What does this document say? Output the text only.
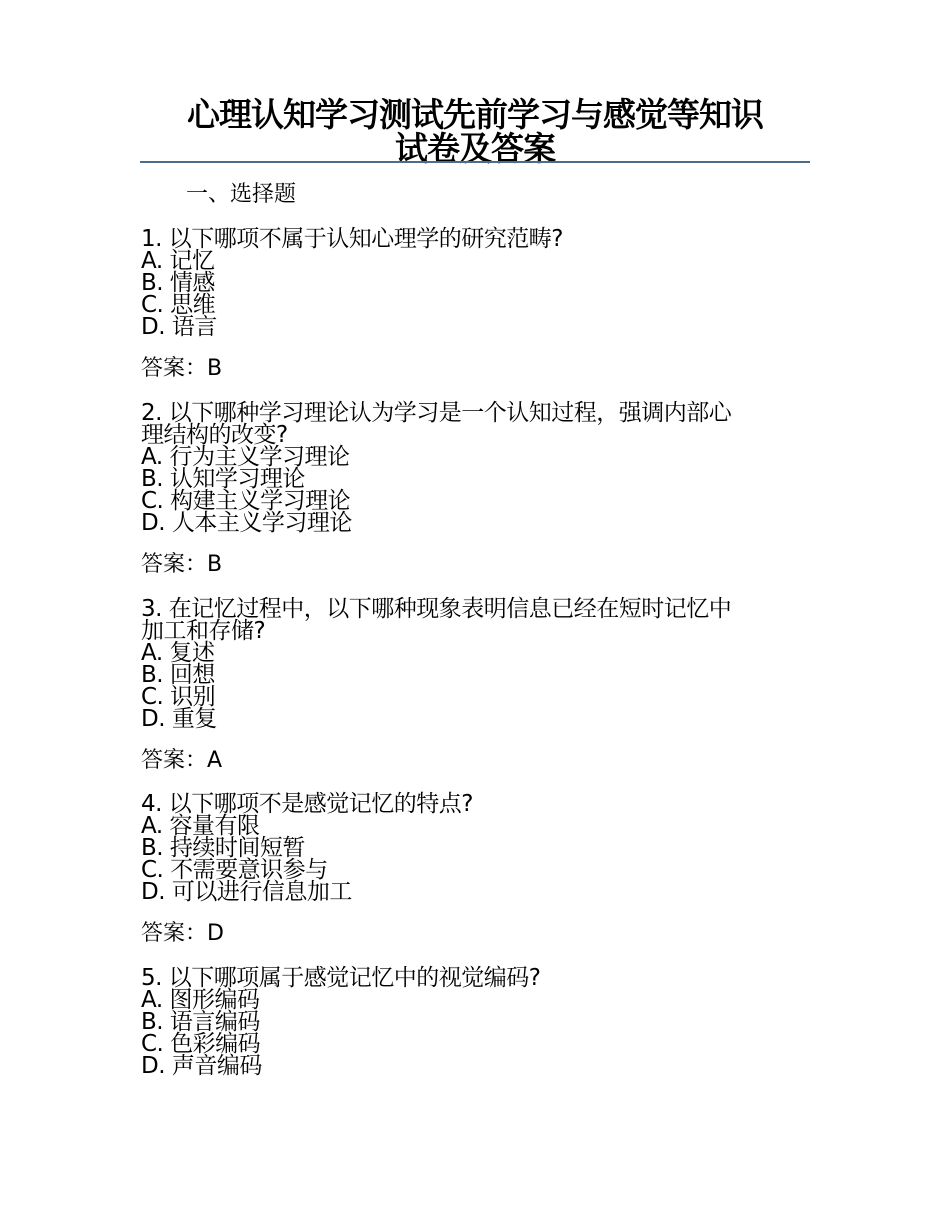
心理认知学习测试先前学习与感觉等知识
试卷及答案
一、选择题
1. 以下哪项不属于认知心理学的研究范畴?
A. 记忆
B. 情感
C. 思维
D. 语言
答案：B
2. 以下哪种学习理论认为学习是一个认知过程，强调内部心
理结构的改变?
A. 行为主义学习理论
B. 认知学习理论
C. 构建主义学习理论
D. 人本主义学习理论
答案：B
3. 在记忆过程中，以下哪种现象表明信息已经在短时记忆中
加工和存储?
A. 复述
B. 回想
C. 识别
D. 重复
答案：A
4. 以下哪项不是感觉记忆的特点?
A. 容量有限
B. 持续时间短暂
C. 不需要意识参与
D. 可以进行信息加工
答案：D
5. 以下哪项属于感觉记忆中的视觉编码?
A. 图形编码
B. 语言编码
C. 色彩编码
D. 声音编码
